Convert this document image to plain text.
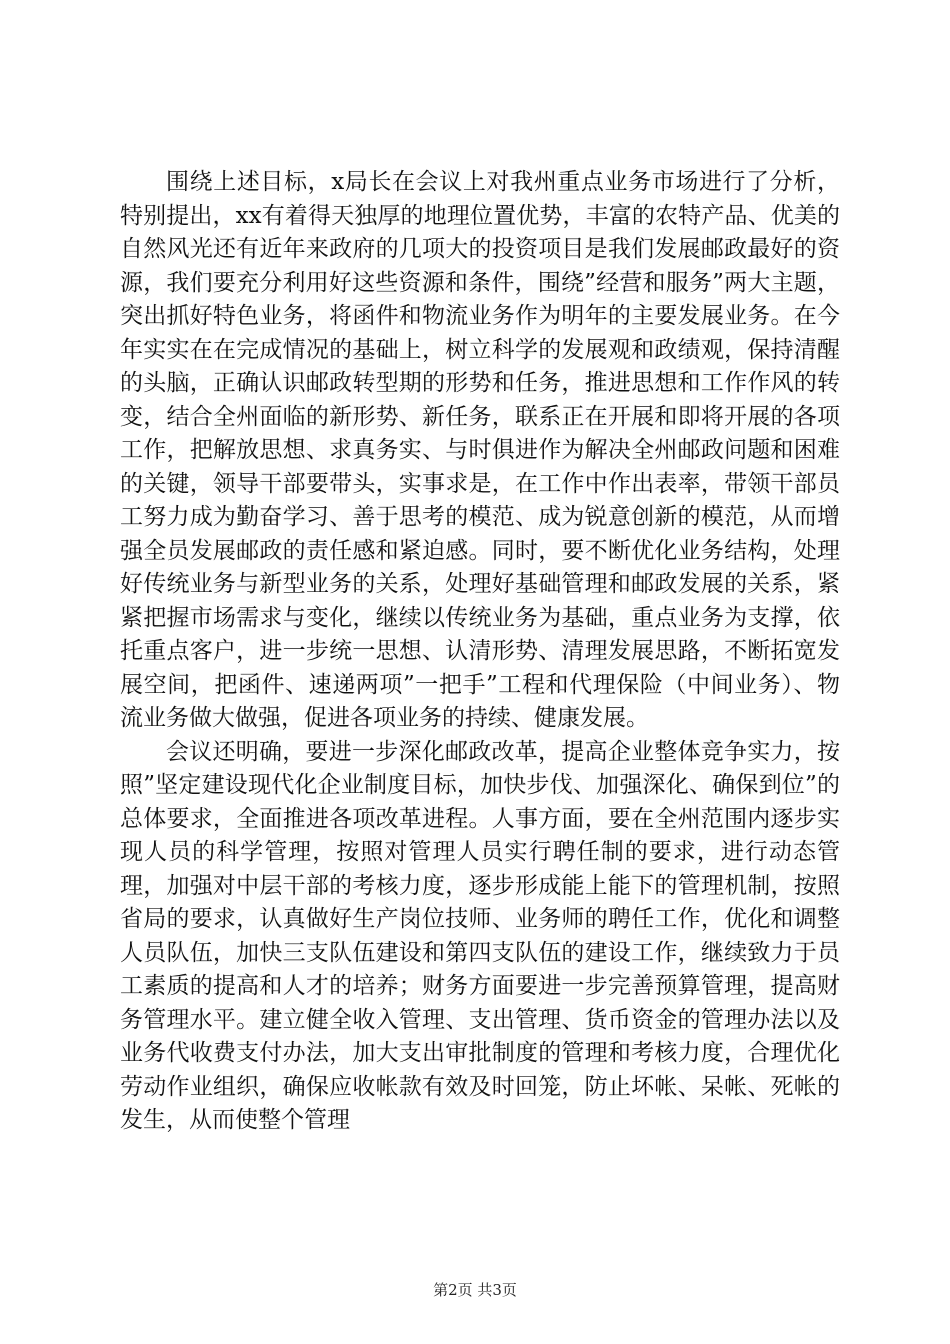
围绕上述目标，x局长在会议上对我州重点业务市场进行了分析，特别提出，xx有着得天独厚的地理位置优势，丰富的农特产品、优美的自然风光还有近年来政府的几项大的投资项目是我们发展邮政最好的资源，我们要充分利用好这些资源和条件，围绕”经营和服务”两大主题，突出抓好特色业务，将函件和物流业务作为明年的主要发展业务。在今年实实在在完成情况的基础上，树立科学的发展观和政绩观，保持清醒的头脑，正确认识邮政转型期的形势和任务，推进思想和工作作风的转变，结合全州面临的新形势、新任务，联系正在开展和即将开展的各项工作，把解放思想、求真务实、与时俱进作为解决全州邮政问题和困难的关键，领导干部要带头，实事求是，在工作中作出表率，带领干部员工努力成为勤奋学习、善于思考的模范、成为锐意创新的模范，从而增强全员发展邮政的责任感和紧迫感。同时，要不断优化业务结构，处理好传统业务与新型业务的关系，处理好基础管理和邮政发展的关系，紧紧把握市场需求与变化，继续以传统业务为基础，重点业务为支撑，依托重点客户，进一步统一思想、认清形势、清理发展思路，不断拓宽发展空间，把函件、速递两项”一把手”工程和代理保险（中间业务）、物流业务做大做强，促进各项业务的持续、健康发展。

会议还明确，要进一步深化邮政改革，提高企业整体竞争实力，按照”坚定建设现代化企业制度目标，加快步伐、加强深化、确保到位”的总体要求，全面推进各项改革进程。人事方面，要在全州范围内逐步实现人员的科学管理，按照对管理人员实行聘任制的要求，进行动态管理，加强对中层干部的考核力度，逐步形成能上能下的管理机制，按照省局的要求，认真做好生产岗位技师、业务师的聘任工作，优化和调整人员队伍，加快三支队伍建设和第四支队伍的建设工作，继续致力于员工素质的提高和人才的培养；财务方面要进一步完善预算管理，提高财务管理水平。建立健全收入管理、支出管理、货币资金的管理办法以及业务代收费支付办法，加大支出审批制度的管理和考核力度，合理优化劳动作业组织，确保应收帐款有效及时回笼，防止坏帐、呆帐、死帐的发生，从而使整个管理

第2页 共3页
